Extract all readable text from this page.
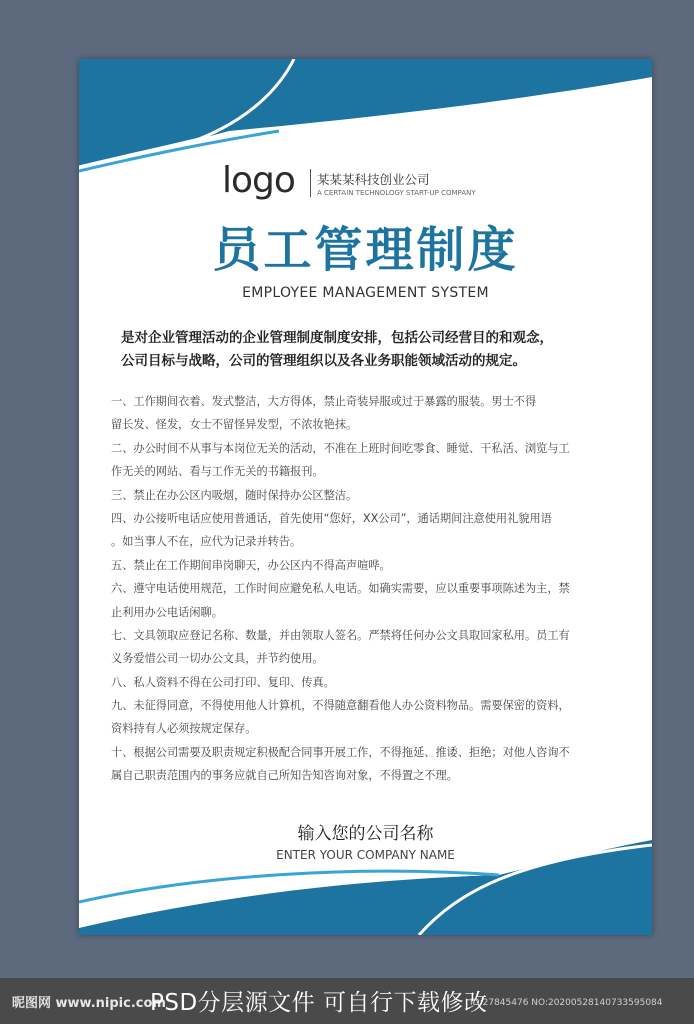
logo 某某某科技创业公司
A CERTAIN TECHNOLOGY START-UP COMPANY
员工管理制度
EMPLOYEE MANAGEMENT SYSTEM
是对企业管理活动的企业管理制度制度安排，包括公司经营目的和观念，
公司目标与战略，公司的管理组织以及各业务职能领域活动的规定。
一、工作期间衣着、发式整洁，大方得体，禁止奇装异服或过于暴露的服装。男士不得
留长发、怪发，女士不留怪异发型，不浓妆艳抹。
二、办公时间不从事与本岗位无关的活动，不准在上班时间吃零食、睡觉、干私活、浏览与工
作无关的网站、看与工作无关的书籍报刊。
三、禁止在办公区内吸烟，随时保持办公区整洁。
四、办公接听电话应使用普通话，首先使用“您好，XX公司”，通话期间注意使用礼貌用语
。如当事人不在，应代为记录并转告。
五、禁止在工作期间串岗聊天，办公区内不得高声喧哗。
六、遵守电话使用规范，工作时间应避免私人电话。如确实需要，应以重要事项陈述为主，禁
止利用办公电话闲聊。
七、文具领取应登记名称、数量，并由领取人签名。严禁将任何办公文具取回家私用。员工有
义务爱惜公司一切办公文具，并节约使用。
八、私人资料不得在公司打印、复印、传真。
九、未征得同意，不得使用他人计算机，不得随意翻看他人办公资料物品。需要保密的资料，
资料持有人必须按规定保存。
十、根据公司需要及职责规定积极配合同事开展工作，不得拖延、推诿、拒绝；对他人咨询不
属自己职责范围内的事务应就自己所知告知咨询对象，不得置之不理。
输入您的公司名称
ENTER YOUR COMPANY NAME
昵图网 www.nipic.com
PSD分层源文件 可自行下载修改
ID:27845476 NO:20200528140733595084
